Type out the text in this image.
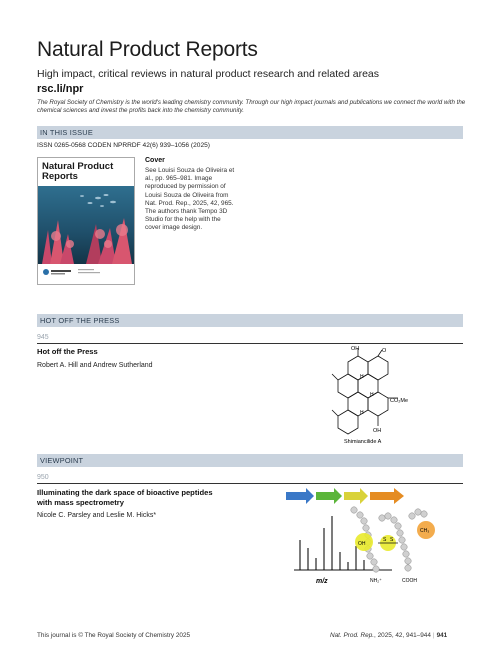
Natural Product Reports
High impact, critical reviews in natural product research and related areas
rsc.li/npr
The Royal Society of Chemistry is the world's leading chemistry community. Through our high impact journals and publications we connect the world with the chemical sciences and invest the profits back into the chemistry community.
IN THIS ISSUE
ISSN 0265-0568 CODEN NPRRDF 42(6) 939–1056 (2025)
Natural Product
Reports
Cover
See Louisi Souza de Oliveira et al., pp. 965–981. Image reproduced by permission of Louisi Souza de Oliveira from Nat. Prod. Rep., 2025, 42, 965. The authors thank Tempo 3D Studio for the help with the cover image design.
HOT OFF THE PRESS
945
Hot off the Press
Robert A. Hill and Andrew Sutherland
OH	O
H
H
H
CO₂Me
OH
Shimiancilide A
VIEWPOINT
950
Illuminating the dark space of bioactive peptides
with mass spectrometry
Nicole C. Parsley and Leslie M. Hicks*
m/z
OH
S S
CH₃
NH₂⁺	COOH
This journal is © The Royal Society of Chemistry 2025	Nat. Prod. Rep., 2025, 42, 941–944 | 941
